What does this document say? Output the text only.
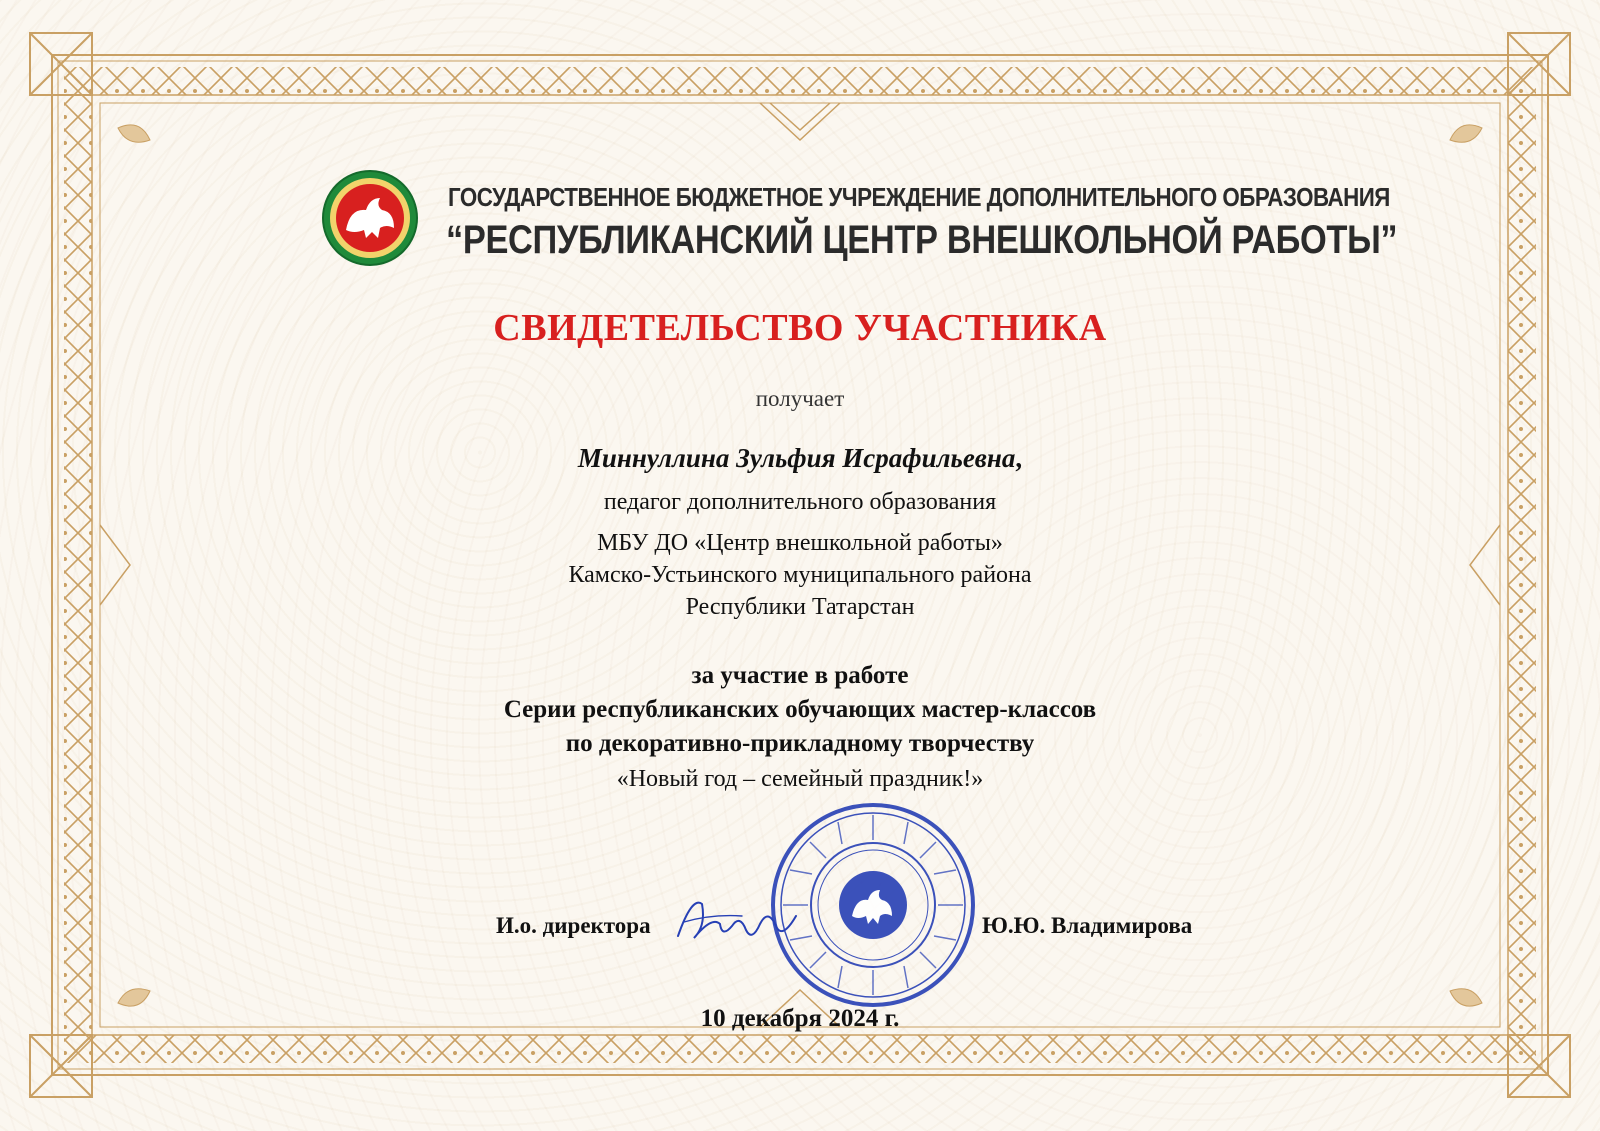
ГОСУДАРСТВЕННОЕ БЮДЖЕТНОЕ УЧРЕЖДЕНИЕ ДОПОЛНИТЕЛЬНОГО ОБРАЗОВАНИЯ
“РЕСПУБЛИКАНСКИЙ ЦЕНТР ВНЕШКОЛЬНОЙ РАБОТЫ”
СВИДЕТЕЛЬСТВО УЧАСТНИКА
получает
Миннуллина Зульфия Исрафильевна,
педагог дополнительного образования
МБУ ДО «Центр внешкольной работы»
Камско-Устьинского муниципального района
Республики Татарстан
за участие в работе
Серии республиканских обучающих мастер-классов
по декоративно-прикладному творчеству
«Новый год – семейный праздник!»
И.о. директора	Ю.Ю. Владимирова
10 декабря 2024 г.
